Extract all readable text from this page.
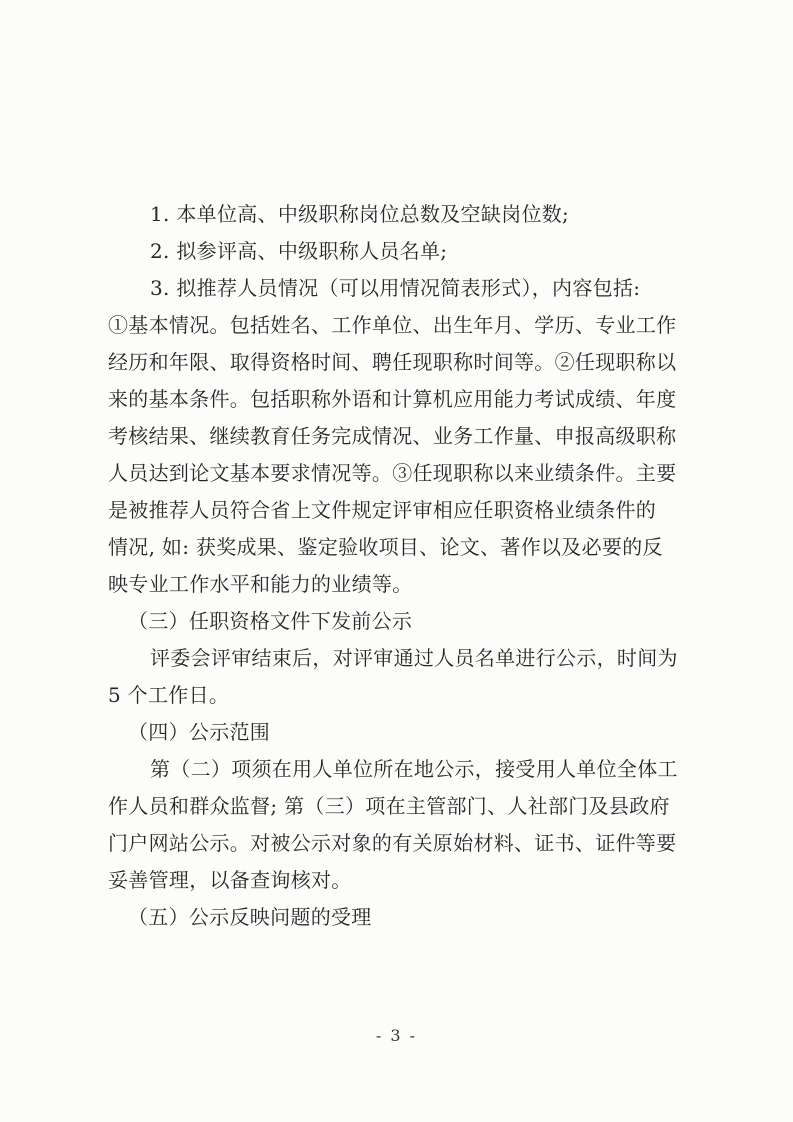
1. 本单位高、中级职称岗位总数及空缺岗位数;
2. 拟参评高、中级职称人员名单;
3. 拟推荐人员情况（可以用情况简表形式），内容包括:
①基本情况。包括姓名、工作单位、出生年月、学历、专业工作
经历和年限、取得资格时间、聘任现职称时间等。②任现职称以
来的基本条件。包括职称外语和计算机应用能力考试成绩、年度
考核结果、继续教育任务完成情况、业务工作量、申报高级职称
人员达到论文基本要求情况等。③任现职称以来业绩条件。主要
是被推荐人员符合省上文件规定评审相应任职资格业绩条件的
情况, 如: 获奖成果、鉴定验收项目、论文、著作以及必要的反
映专业工作水平和能力的业绩等。
（三）任职资格文件下发前公示
评委会评审结束后，对评审通过人员名单进行公示，时间为
5 个工作日。
（四）公示范围
第（二）项须在用人单位所在地公示，接受用人单位全体工
作人员和群众监督; 第（三）项在主管部门、人社部门及县政府
门户网站公示。对被公示对象的有关原始材料、证书、证件等要
妥善管理，以备查询核对。
（五）公示反映问题的受理
- 3 -
